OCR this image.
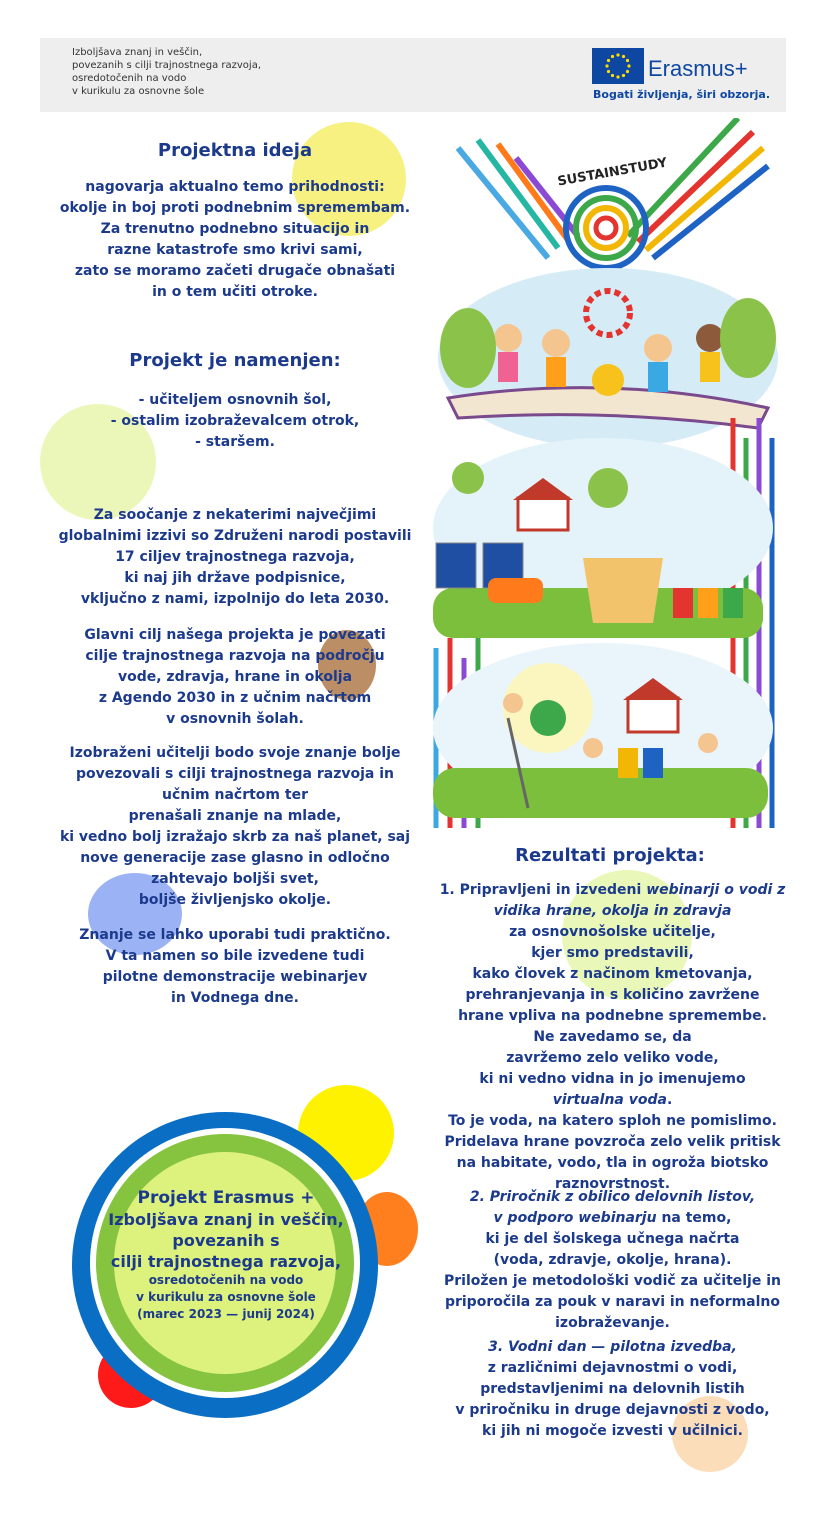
Izboljšava znanj in veščin,
povezanih s cilji trajnostnega razvoja,
osredotočenih na vodo
v kurikulu za osnovne šole
Erasmus+
Bogati življenja, širi obzorja.
SUSTAINSTUDY
Projektna ideja
nagovarja aktualno temo prihodnosti:
okolje in boj proti podnebnim spremembam.
Za trenutno podnebno situacijo in
razne katastrofe smo krivi sami,
zato se moramo začeti drugače obnašati
in o tem učiti otroke.
Projekt je namenjen:
- učiteljem osnovnih šol,
- ostalim izobraževalcem otrok,
- staršem.
Za soočanje z nekaterimi največjimi
globalnimi izzivi so Združeni narodi postavili
17 ciljev trajnostnega razvoja,
ki naj jih države podpisnice,
vključno z nami, izpolnijo do leta 2030.
Glavni cilj našega projekta je povezati
cilje trajnostnega razvoja na področju
vode, zdravja, hrane in okolja
z Agendo 2030 in z učnim načrtom
v osnovnih šolah.
Izobraženi učitelji bodo svoje znanje bolje
povezovali s cilji trajnostnega razvoja in
učnim načrtom ter
prenašali znanje na mlade,
ki vedno bolj izražajo skrb za naš planet, saj
nove generacije zase glasno in odločno
zahtevajo boljši svet,
boljše življenjsko okolje.
Znanje se lahko uporabi tudi praktično.
V ta namen so bile izvedene tudi
pilotne demonstracije webinarjev
in Vodnega dne.
Projekt Erasmus +
Izboljšava znanj in veščin,
povezanih s
cilji trajnostnega razvoja,
osredotočenih na vodo
v kurikulu za osnovne šole
(marec 2023 — junij 2024)
Rezultati projekta:
1. Pripravljeni in izvedeni webinarji o vodi z
vidika hrane, okolja in zdravja
za osnovnošolske učitelje,
kjer smo predstavili,
kako človek z načinom kmetovanja,
prehranjevanja in s količino zavržene
hrane vpliva na podnebne spremembe.
Ne zavedamo se, da
zavržemo zelo veliko vode,
ki ni vedno vidna in jo imenujemo
virtualna voda.
To je voda, na katero sploh ne pomislimo.
Pridelava hrane povzroča zelo velik pritisk
na habitate, vodo, tla in ogroža biotsko
raznovrstnost.
2. Priročnik z obilico delovnih listov,
v podporo webinarju na temo,
ki je del šolskega učnega načrta
(voda, zdravje, okolje, hrana).
Priložen je metodološki vodič za učitelje in
priporočila za pouk v naravi in neformalno
izobraževanje.
3. Vodni dan — pilotna izvedba,
z različnimi dejavnostmi o vodi,
predstavljenimi na delovnih listih
v priročniku in druge dejavnosti z vodo,
ki jih ni mogoče izvesti v učilnici.
